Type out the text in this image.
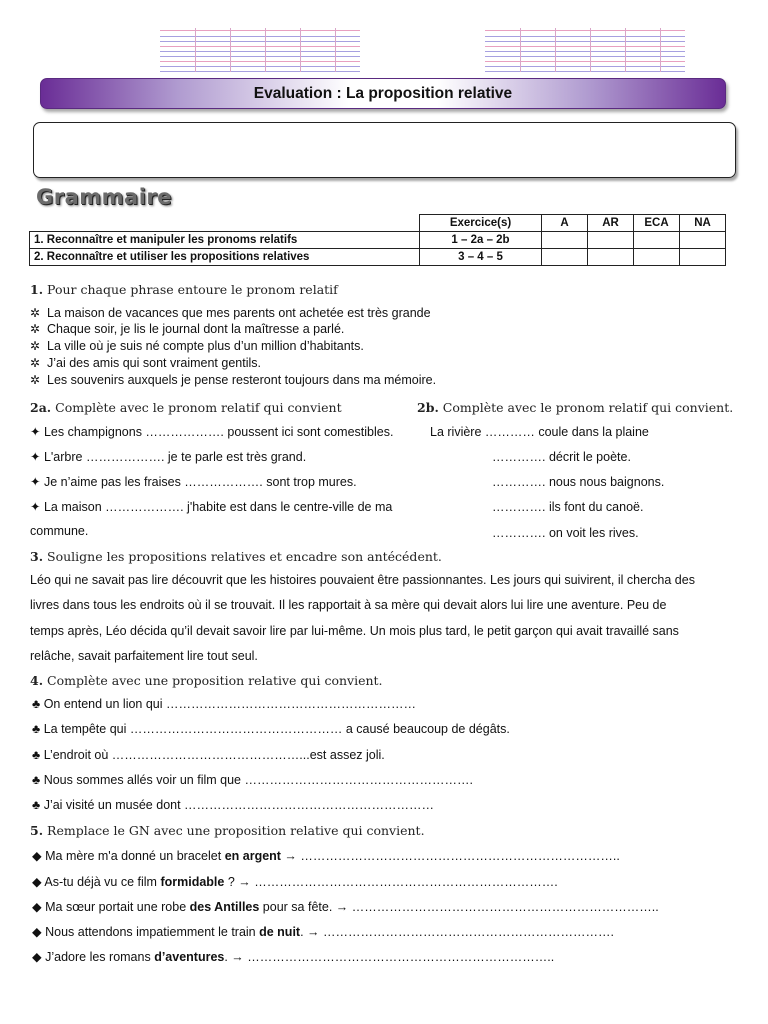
Evaluation : La proposition relative
Grammaire
	Exercice(s)	A	AR	ECA	NA
1. Reconnaître et manipuler les pronoms relatifs	1 – 2a – 2b				
2. Reconnaître et utiliser les propositions relatives	3 – 4 – 5				
1. Pour chaque phrase entoure le pronom relatif
✲ La maison de vacances que mes parents ont achetée est très grande
✲ Chaque soir, je lis le journal dont la maîtresse a parlé.
✲ La ville où je suis né compte plus d’un million d’habitants.
✲ J’ai des amis qui sont vraiment gentils.
✲ Les souvenirs auxquels je pense resteront toujours dans ma mémoire.
2a. Complète avec le pronom relatif qui convient
✦ Les champignons ………………. poussent ici sont comestibles.
✦ L'arbre ………………. je te parle est très grand.
✦ Je n’aime pas les fraises ………………. sont trop mures.
✦ La maison ………………. j'habite est dans le centre-ville de ma
commune.
2b. Complète avec le pronom relatif qui convient.
La rivière ………… coule dans la plaine
…………. décrit le poète.
…………. nous nous baignons.
…………. ils font du canoë.
…………. on voit les rives.
3. Souligne les propositions relatives et encadre son antécédent.
Léo qui ne savait pas lire découvrit que les histoires pouvaient être passionnantes. Les jours qui suivirent, il chercha des
livres dans tous les endroits où il se trouvait. Il les rapportait à sa mère qui devait alors lui lire une aventure. Peu de
temps après, Léo décida qu’il devait savoir lire par lui-même. Un mois plus tard, le petit garçon qui avait travaillé sans
relâche, savait parfaitement lire tout seul.
4. Complète avec une proposition relative qui convient.
♣ On entend un lion qui ……………………………………………………
♣ La tempête qui …………………………………………… a causé beaucoup de dégâts.
♣ L’endroit où ………………………………………...est assez joli.
♣ Nous sommes allés voir un film que ……………………………………………….
♣ J’ai visité un musée dont ……………………………………………………
5. Remplace le GN avec une proposition relative qui convient.
◆ Ma mère m'a donné un bracelet en argent → …………………………………………………………………..
◆ As-tu déjà vu ce film formidable ? → ……………………………………………………………….
◆ Ma sœur portait une robe des Antilles pour sa fête. → ………………………………………………………………..
◆ Nous attendons impatiemment le train de nuit. → …………………………………………………………….
◆ J’adore les romans d’aventures. → ………………………………………………………………..
